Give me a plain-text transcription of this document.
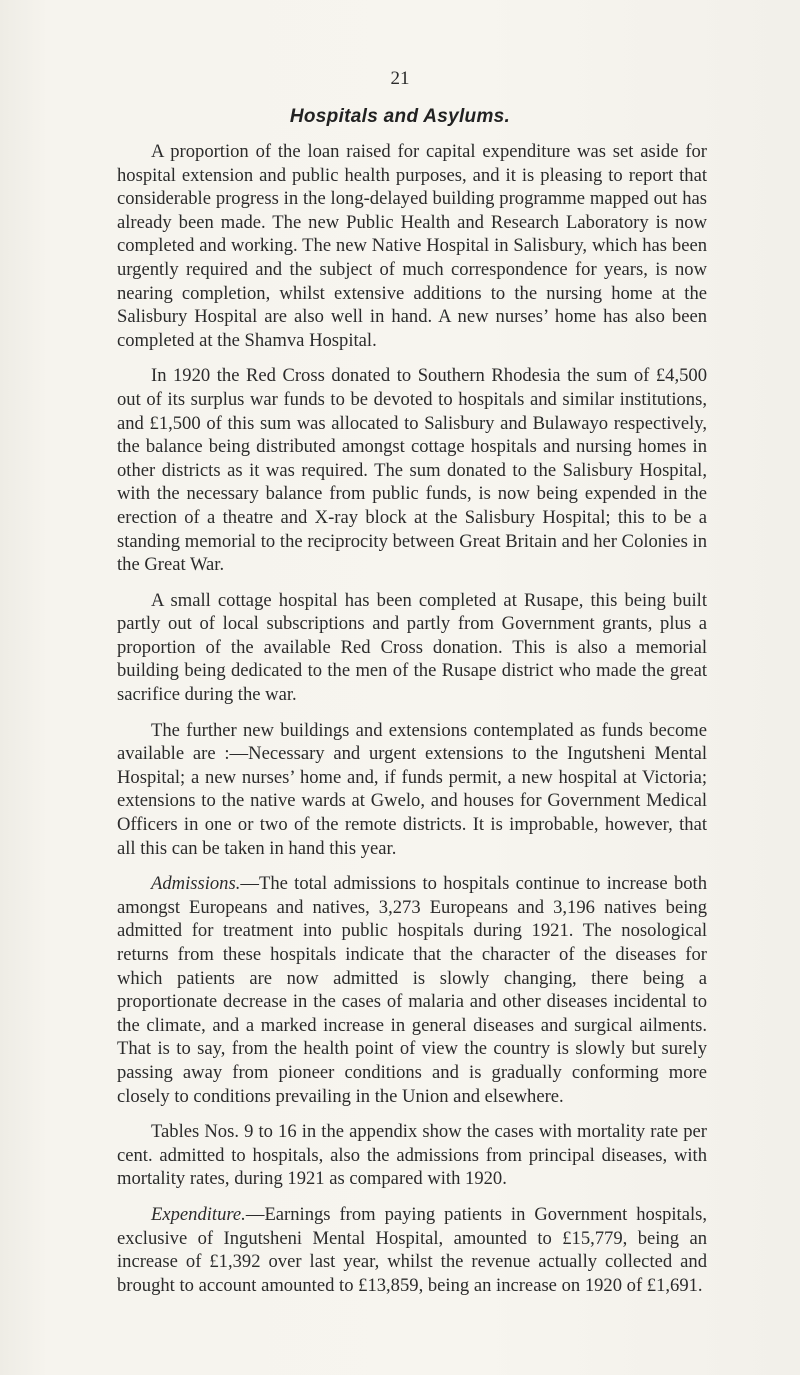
21
Hospitals and Asylums.

A proportion of the loan raised for capital expenditure was set aside for hospital extension and public health purposes, and it is pleasing to report that considerable progress in the long-delayed building programme mapped out has already been made. The new Public Health and Research Laboratory is now completed and working. The new Native Hospital in Salisbury, which has been urgently required and the subject of much correspondence for years, is now nearing completion, whilst extensive additions to the nursing home at the Salisbury Hospital are also well in hand. A new nurses’ home has also been completed at the Shamva Hospital.

In 1920 the Red Cross donated to Southern Rhodesia the sum of £4,500 out of its surplus war funds to be devoted to hospitals and similar institutions, and £1,500 of this sum was allocated to Salisbury and Bulawayo respectively, the balance being distributed amongst cottage hospitals and nursing homes in other districts as it was required. The sum donated to the Salisbury Hospital, with the necessary balance from public funds, is now being expended in the erection of a theatre and X-ray block at the Salisbury Hospital; this to be a standing memorial to the reciprocity between Great Britain and her Colonies in the Great War.

A small cottage hospital has been completed at Rusape, this being built partly out of local subscriptions and partly from Government grants, plus a proportion of the available Red Cross donation. This is also a memorial building being dedicated to the men of the Rusape district who made the great sacrifice during the war.

The further new buildings and extensions contemplated as funds become available are :—Necessary and urgent extensions to the Ingutsheni Mental Hospital; a new nurses’ home and, if funds permit, a new hospital at Victoria; extensions to the native wards at Gwelo, and houses for Government Medical Officers in one or two of the remote districts. It is improbable, however, that all this can be taken in hand this year.

Admissions.—The total admissions to hospitals continue to increase both amongst Europeans and natives, 3,273 Europeans and 3,196 natives being admitted for treatment into public hospitals during 1921. The nosological returns from these hospitals indicate that the character of the diseases for which patients are now admitted is slowly changing, there being a proportionate decrease in the cases of malaria and other diseases incidental to the climate, and a marked increase in general diseases and surgical ailments. That is to say, from the health point of view the country is slowly but surely passing away from pioneer conditions and is gradually conforming more closely to conditions prevailing in the Union and elsewhere.

Tables Nos. 9 to 16 in the appendix show the cases with mortality rate per cent. admitted to hospitals, also the admissions from principal diseases, with mortality rates, during 1921 as compared with 1920.

Expenditure.—Earnings from paying patients in Government hospitals, exclusive of Ingutsheni Mental Hospital, amounted to £15,779, being an increase of £1,392 over last year, whilst the revenue actually collected and brought to account amounted to £13,859, being an increase on 1920 of £1,691.
